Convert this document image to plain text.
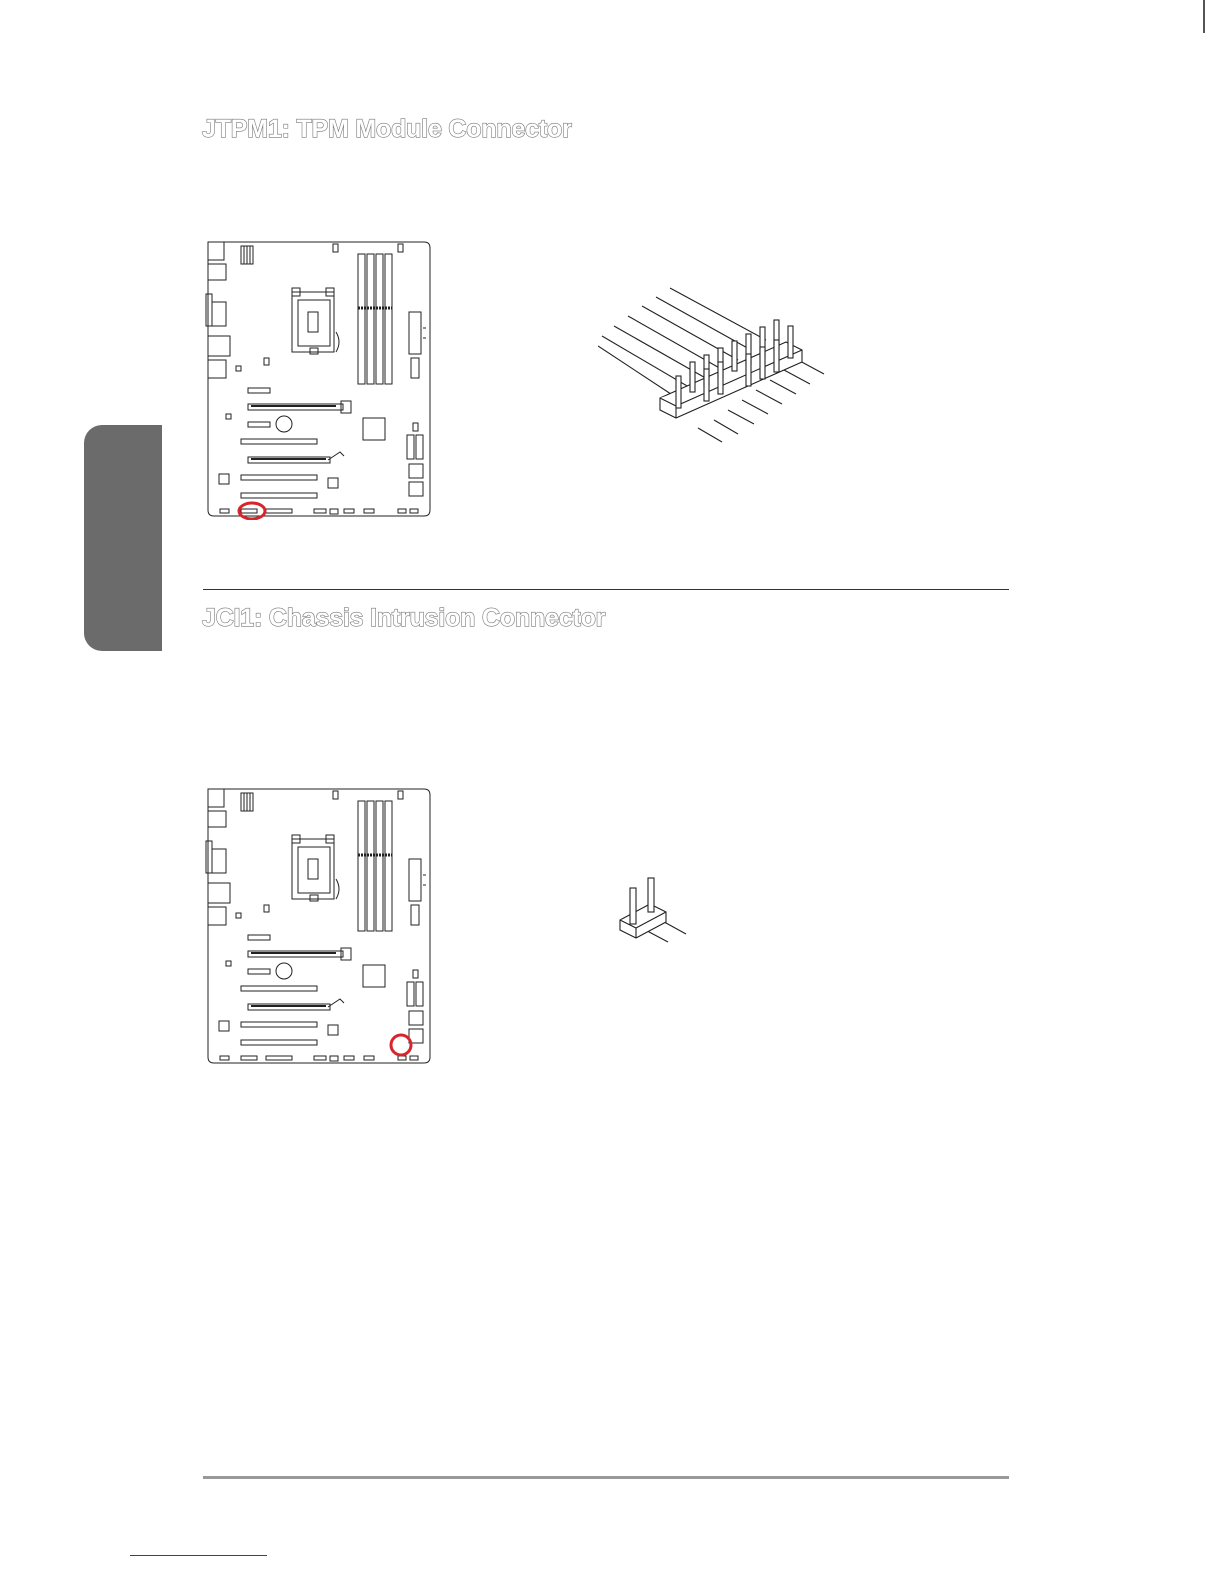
JTPM1: TPM Module Connector
JCI1: Chassis Intrusion Connector
